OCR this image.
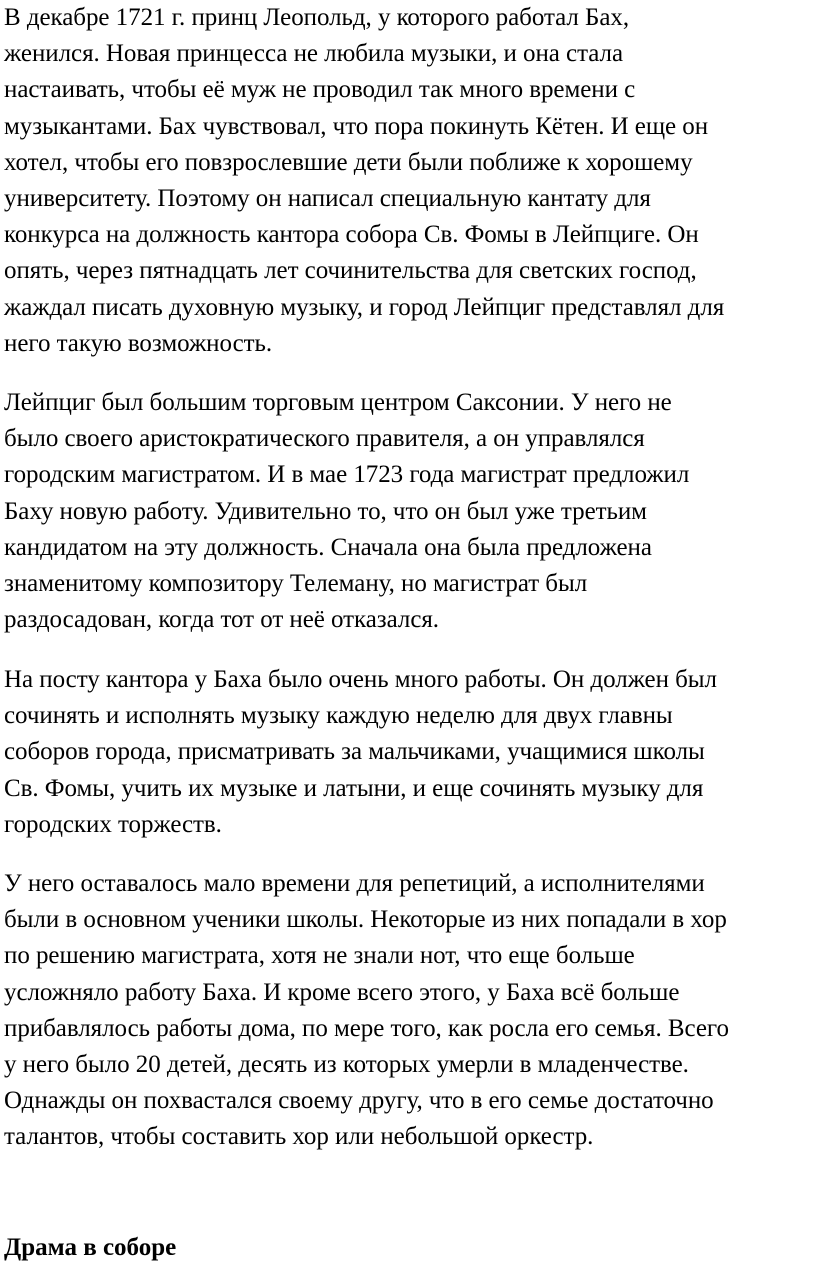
В декабре 1721 г. принц Леопольд, у которого работал Бах,
женился. Новая принцесса не любила музыки, и она стала
настаивать, чтобы её муж не проводил так много времени с
музыкантами. Бах чувствовал, что пора покинуть Кётен. И еще он
хотел, чтобы его повзрослевшие дети были поближе к хорошему
университету. Поэтому он написал специальную кантату для
конкурса на должность кантора собора Св. Фомы в Лейпциге. Он
опять, через пятнадцать лет сочинительства для светских господ,
жаждал писать духовную музыку, и город Лейпциг представлял для
него такую возможность.

Лейпциг был большим торговым центром Саксонии. У него не
было своего аристократического правителя, а он управлялся
городским магистратом. И в мае 1723 года магистрат предложил
Баху новую работу. Удивительно то, что он был уже третьим
кандидатом на эту должность. Сначала она была предложена
знаменитому композитору Телеману, но магистрат был
раздосадован, когда тот от неё отказался.

На посту кантора у Баха было очень много работы. Он должен был
сочинять и исполнять музыку каждую неделю для двух главны
соборов города, присматривать за мальчиками, учащимися школы
Св. Фомы, учить их музыке и латыни, и еще сочинять музыку для
городских торжеств.

У него оставалось мало времени для репетиций, а исполнителями
были в основном ученики школы. Некоторые из них попадали в хор
по решению магистрата, хотя не знали нот, что еще больше
усложняло работу Баха. И кроме всего этого, у Баха всё больше
прибавлялось работы дома, по мере того, как росла его семья. Всего
у него было 20 детей, десять из которых умерли в младенчестве.
Однажды он похвастался своему другу, что в его семье достаточно
талантов, чтобы составить хор или небольшой оркестр.

Драма в соборе
